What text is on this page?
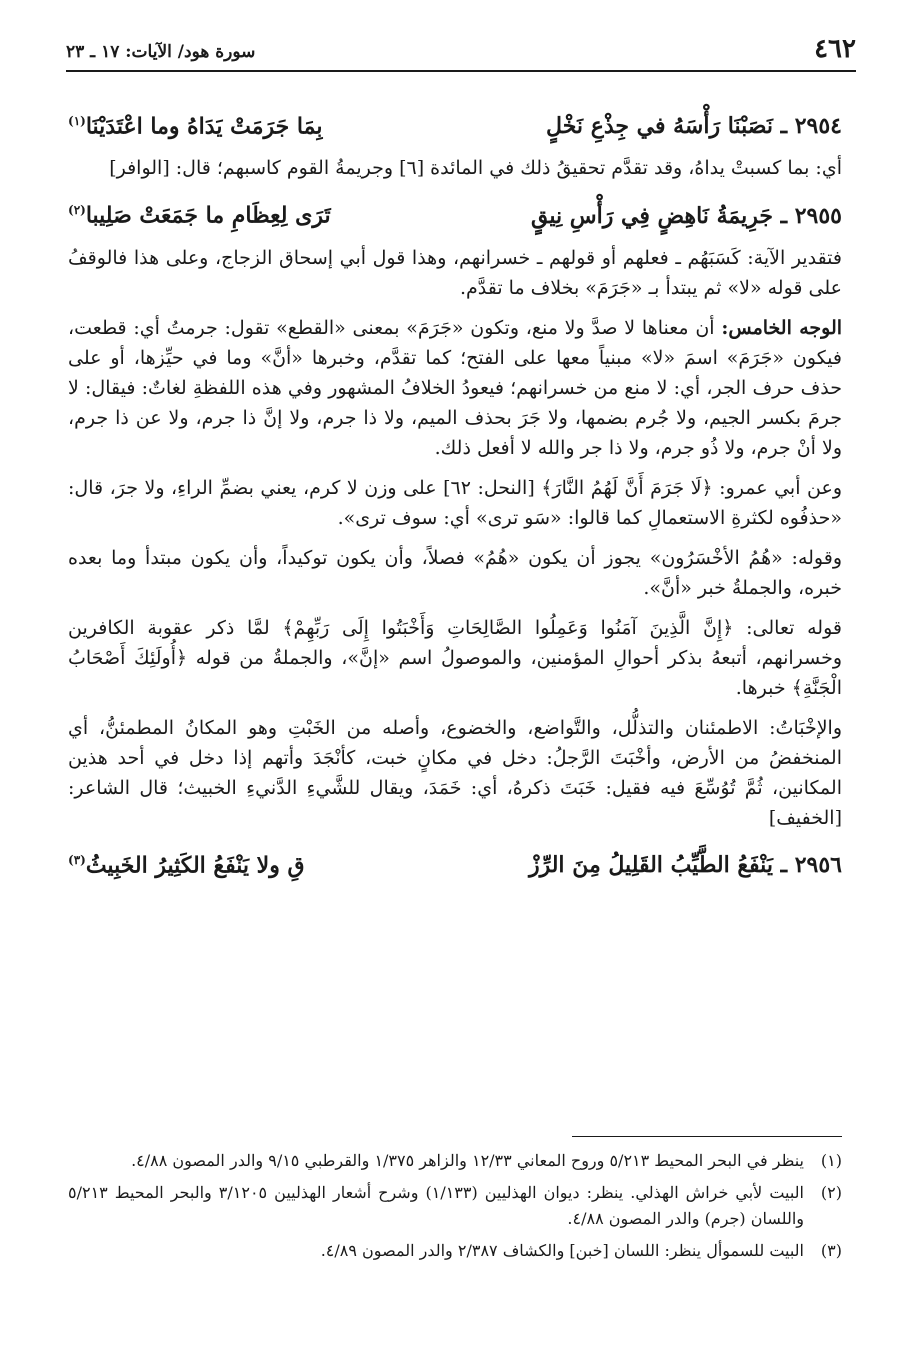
٤٦٢
سورة هود/ الآيات: ١٧ ـ ٢٣
٢٩٥٤ ـ نَصَبْنَا رَأْسَهُ في جِذْعِ نَخْلٍ
بِمَا جَرَمَتْ يَدَاهُ وما اعْتَدَيْنَا$^{(١)}$

أي: بما كسبتْ يداهُ، وقد تقدَّم تحقيقُ ذلك في المائدة [٦] وجريمةُ القوم كاسبهم؛ قال: [الوافر]

٢٩٥٥ ـ جَرِيمَةُ نَاهِضٍ فِي رَأْسِ نِيقٍ
تَرَى لِعِظَامِ ما جَمَعَتْ صَلِيبا$^{(٢)}$

فتقدير الآية: كَسَبَهُم ـ فعلهم أو قولهم ـ خسرانهم، وهذا قول أبي إسحاق الزجاج، وعلى هذا فالوقفُ على قوله «لا» ثم يبتدأ بـ «جَرَمَ» بخلاف ما تقدَّم.

الوجه الخامس: أن معناها لا صدَّ ولا منع، وتكون «جَرَمَ» بمعنى «القطع» تقول: جرمتُ أي: قطعت، فيكون «جَرَمَ» اسمَ «لا» مبنياً معها على الفتح؛ كما تقدَّم، وخبرها «أنَّ» وما في حيِّزها، أو على حذف حرف الجر، أي: لا منع من خسرانهم؛ فيعودُ الخلافُ المشهور وفي هذه اللفظةِ لغاتٌ: فيقال: لا جرمَ بكسر الجيم، ولا جُرم بضمها، ولا جَرَ بحذف الميم، ولا ذا جرم، ولا إنَّ ذا جرم، ولا عن ذا جرم، ولا أنْ جرم، ولا ذُو جرم، ولا ذا جر والله لا أفعل ذلك.

وعن أبي عمرو: ﴿لَا جَرَمَ أَنَّ لَهُمُ النَّارَ﴾ [النحل: ٦٢] على وزن لا كرم، يعني بضمِّ الراءِ، ولا جرَ، قال: «حذفُوه لكثرةِ الاستعمالِ كما قالوا: «سَو ترى» أي: سوف ترى».

وقوله: «هُمُ الأخْسَرُون» يجوز أن يكون «هُمُ» فصلاً، وأن يكون توكيداً، وأن يكون مبتدأ وما بعده خبره، والجملةُ خبر «أنَّ».

قوله تعالى: ﴿إِنَّ الَّذِينَ آمَنُوا وَعَمِلُوا الصَّالِحَاتِ وَأَخْبَتُوا إِلَى رَبِّهِمْ﴾ لمَّا ذكر عقوبة الكافرين وخسرانهم، أتبعهُ بذكر أحوالِ المؤمنين، والموصولُ اسم «إنَّ»، والجملةُ من قوله ﴿أُولَئِكَ أَصْحَابُ الْجَنَّةِ﴾ خبرها.

والإخْبَاتُ: الاطمئنان والتذلُّل، والتَّواضع، والخضوع، وأصله من الخَبْتِ وهو المكانُ المطمئنُّ، أي المنخفضُ من الأرض، وأخْبَتَ الرَّجلُ: دخل في مكانٍ خبت، كأنْجَدَ وأتهم إذا دخل في أحد هذين المكانين، ثُمَّ تُوُسِّعَ فيه فقيل: خَبَتَ ذكرهُ، أي: خَمَدَ، ويقال للشَّيءِ الدَّنيءِ الخبيث؛ قال الشاعر: [الخفيف]

٢٩٥٦ ـ يَنْفَعُ الطَّيِّبُ القَلِيلُ مِنَ الرِّزْ
قِ ولا يَنْفَعُ الكَثِيرُ الخَبِيثُ$^{(٣)}$

(١)
ينظر في البحر المحيط ٥/٢١٣ وروح المعاني ١٢/٣٣ والزاهر ١/٣٧٥ والقرطبي ٩/١٥ والدر المصون ٤/٨٨.

(٢)
البيت لأبي خراش الهذلي. ينظر: ديوان الهذليين (١/١٣٣) وشرح أشعار الهذليين ٣/١٢٠٥ والبحر المحيط ٥/٢١٣ واللسان (جرم) والدر المصون ٤/٨٨.

(٣)
البيت للسموأل ينظر: اللسان [خبن] والكشاف ٢/٣٨٧ والدر المصون ٤/٨٩.
